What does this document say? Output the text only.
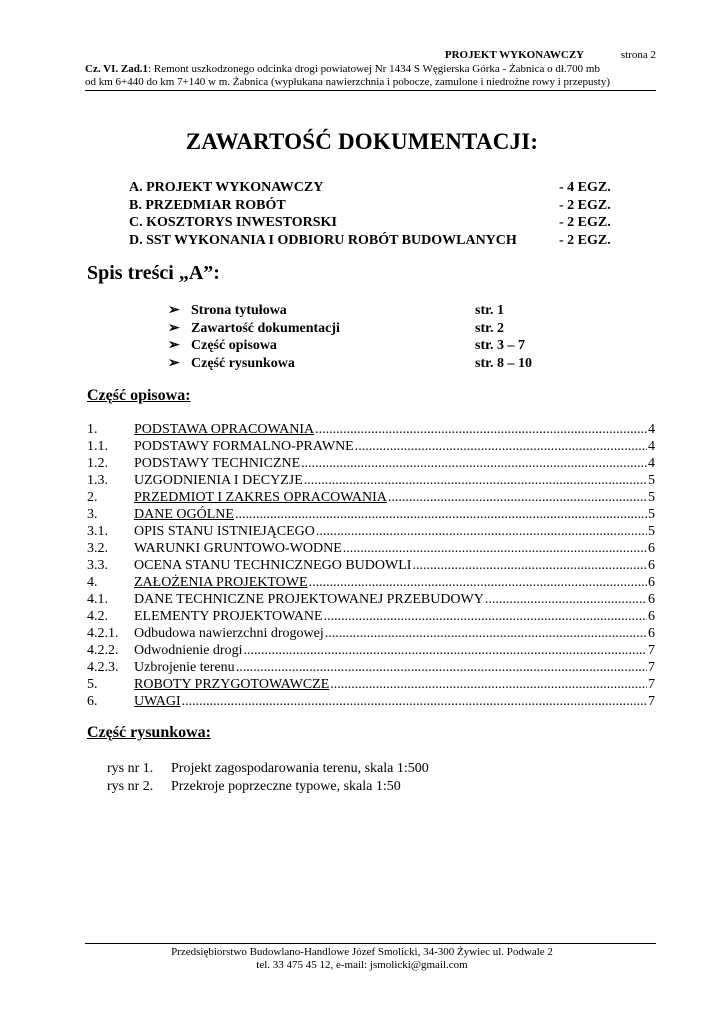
PROJEKT WYKONAWCZY	strona 2
Cz. VI. Zad.1: Remont uszkodzonego odcinka drogi powiatowej Nr 1434 S Węgierska Górka - Żabnica o dł.700 mb
od km 6+440 do km 7+140 w m. Żabnica (wypłukana nawierzchnia i pobocze, zamulone i niedrożne rowy i przepusty)
ZAWARTOŚĆ DOKUMENTACJI:
A. PROJEKT WYKONAWCZY	- 4 EGZ.
B. PRZEDMIAR ROBÓT	- 2 EGZ.
C. KOSZTORYS INWESTORSKI	- 2 EGZ.
D. SST WYKONANIA I ODBIORU ROBÓT BUDOWLANYCH	- 2 EGZ.
Spis treści „A”:
➢ Strona tytułowa	str. 1
➢ Zawartość dokumentacji	str. 2
➢ Część opisowa	str. 3 – 7
➢ Część rysunkowa	str. 8 – 10
Część opisowa:
1.	PODSTAWA OPRACOWANIA .....	4
1.1.	PODSTAWY FORMALNO-PRAWNE .....	4
1.2.	PODSTAWY TECHNICZNE .....	4
1.3.	UZGODNIENIA I DECYZJE .....	5
2.	PRZEDMIOT I ZAKRES OPRACOWANIA .....	5
3.	DANE OGÓLNE .....	5
3.1.	OPIS STANU ISTNIEJĄCEGO .....	5
3.2.	WARUNKI GRUNTOWO-WODNE .....	6
3.3.	OCENA STANU TECHNICZNEGO BUDOWLI .....	6
4.	ZAŁOŻENIA PROJEKTOWE .....	6
4.1.	DANE TECHNICZNE PROJEKTOWANEJ PRZEBUDOWY .....	6
4.2.	ELEMENTY PROJEKTOWANE .....	6
4.2.1.	Odbudowa nawierzchni drogowej .....	6
4.2.2.	Odwodnienie drogi .....	7
4.2.3.	Uzbrojenie terenu .....	7
5.	ROBOTY PRZYGOTOWAWCZE .....	7
6.	UWAGI .....	7
Część rysunkowa:
rys nr 1.	Projekt zagospodarowania terenu, skala 1:500
rys nr 2.	Przekroje poprzeczne typowe, skala 1:50
Przedsiębiorstwo Budowlano-Handlowe Józef Smolicki, 34-300 Żywiec ul. Podwale 2
tel. 33 475 45 12, e-mail: jsmolicki@gmail.com
